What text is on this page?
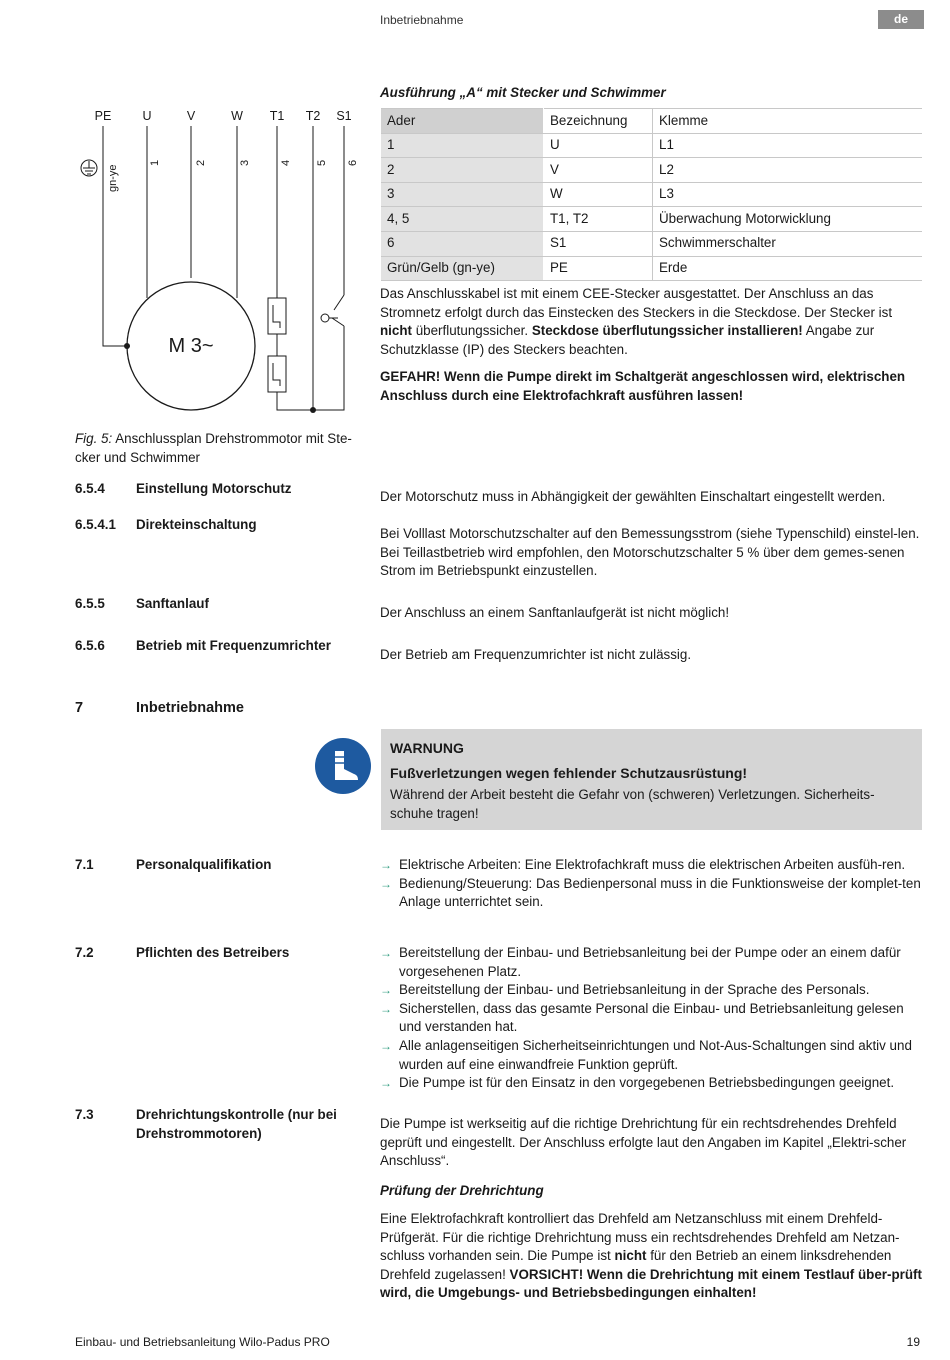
Inbetriebnahme	de
PE U	V	W T1 T2 S1
gn-ye
1	2	3	4 5 6
M 3~
Fig. 5: Anschlussplan Drehstrommotor mit Ste-cker und Schwimmer
Ausführung „A“ mit Stecker und Schwimmer
Ader	Bezeichnung	Klemme
1	U	L1
2	V	L2
3	W	L3
4, 5	T1, T2	Überwachung Motorwicklung
6	S1	Schwimmerschalter
Grün/Gelb (gn-ye)	PE	Erde
Das Anschlusskabel ist mit einem CEE-Stecker ausgestattet. Der Anschluss an das Stromnetz erfolgt durch das Einstecken des Steckers in die Steckdose. Der Stecker ist nicht überflutungssicher. Steckdose überflutungssicher installieren! Angabe zur Schutzklasse (IP) des Steckers beachten.
GEFAHR! Wenn die Pumpe direkt im Schaltgerät angeschlossen wird, elektrischen Anschluss durch eine Elektrofachkraft ausführen lassen!
6.5.4 Einstellung Motorschutz
Der Motorschutz muss in Abhängigkeit der gewählten Einschaltart eingestellt werden.
6.5.4.1 Direkteinschaltung
Bei Volllast Motorschutzschalter auf den Bemessungsstrom (siehe Typenschild) einstel-len. Bei Teillastbetrieb wird empfohlen, den Motorschutzschalter 5 % über dem gemes-senen Strom im Betriebspunkt einzustellen.
6.5.5 Sanftanlauf
Der Anschluss an einem Sanftanlaufgerät ist nicht möglich!
6.5.6 Betrieb mit Frequenzumrichter
Der Betrieb am Frequenzumrichter ist nicht zulässig.
7	Inbetriebnahme
WARNUNG
Fußverletzungen wegen fehlender Schutzausrüstung!
Während der Arbeit besteht die Gefahr von (schweren) Verletzungen. Sicherheits-schuhe tragen!
7.1	Personalqualifikation	→ Elektrische Arbeiten: Eine Elektrofachkraft muss die elektrischen Arbeiten ausfüh-ren.
→ Bedienung/Steuerung: Das Bedienpersonal muss in die Funktionsweise der komplet-ten Anlage unterrichtet sein.
7.2	Pflichten des Betreibers	→ Bereitstellung der Einbau- und Betriebsanleitung bei der Pumpe oder an einem dafür vorgesehenen Platz.
→ Bereitstellung der Einbau- und Betriebsanleitung in der Sprache des Personals.
→ Sicherstellen, dass das gesamte Personal die Einbau- und Betriebsanleitung gelesen und verstanden hat.
→ Alle anlagenseitigen Sicherheitseinrichtungen und Not-Aus-Schaltungen sind aktiv und wurden auf eine einwandfreie Funktion geprüft.
→ Die Pumpe ist für den Einsatz in den vorgegebenen Betriebsbedingungen geeignet.
7.3	Drehrichtungskontrolle (nur bei Drehstrommotoren)
Die Pumpe ist werkseitig auf die richtige Drehrichtung für ein rechtsdrehendes Drehfeld geprüft und eingestellt. Der Anschluss erfolgte laut den Angaben im Kapitel „Elektri-scher Anschluss“.
Prüfung der Drehrichtung
Eine Elektrofachkraft kontrolliert das Drehfeld am Netzanschluss mit einem Drehfeld-Prüfgerät. Für die richtige Drehrichtung muss ein rechtsdrehendes Drehfeld am Netzan-schluss vorhanden sein. Die Pumpe ist nicht für den Betrieb an einem linksdrehenden Drehfeld zugelassen! VORSICHT! Wenn die Drehrichtung mit einem Testlauf über-prüft wird, die Umgebungs- und Betriebsbedingungen einhalten!
Einbau- und Betriebsanleitung Wilo-Padus PRO	19
